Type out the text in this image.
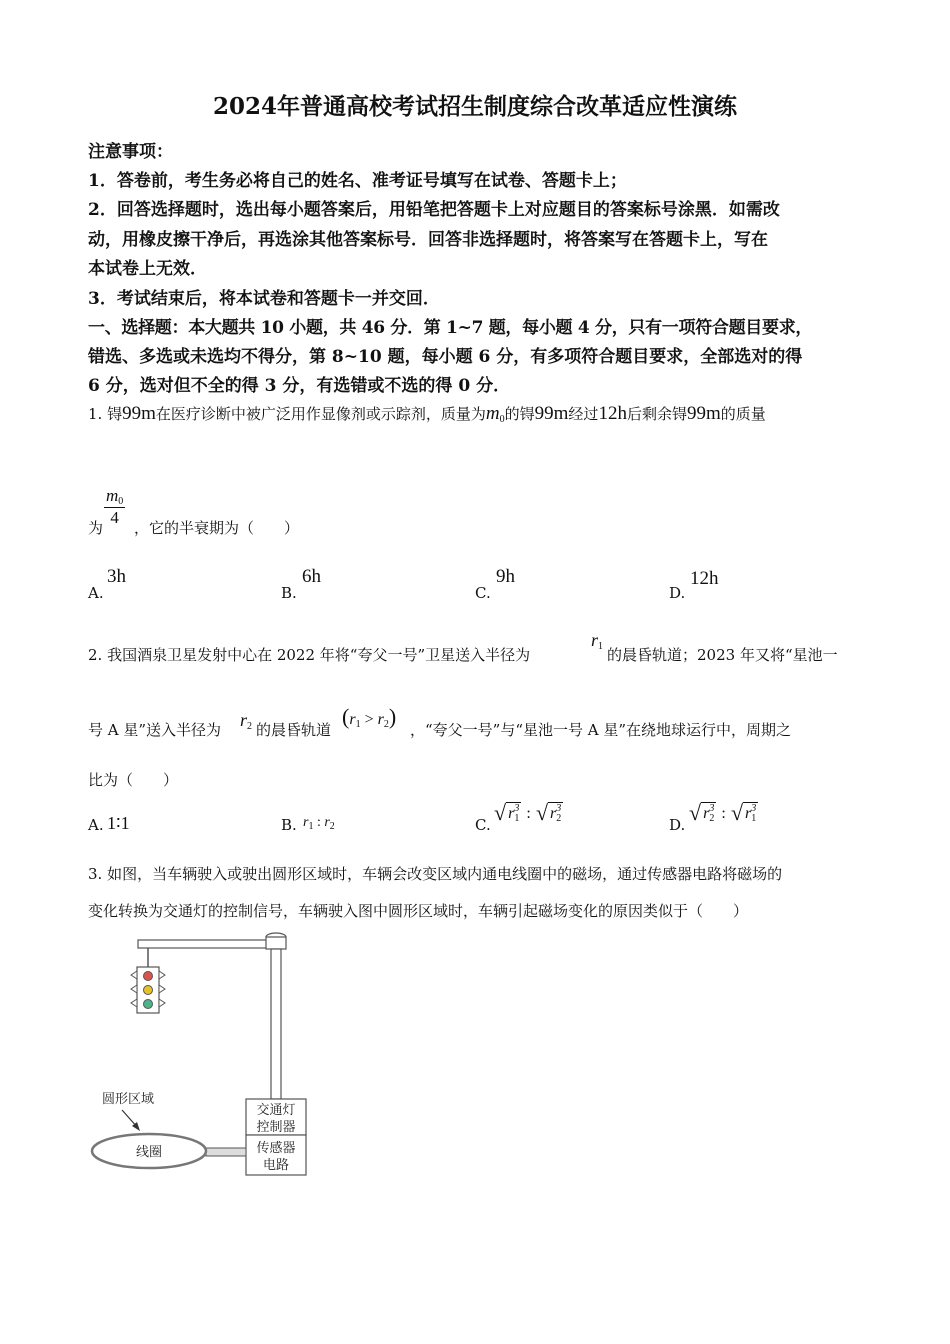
2024年普通高校考试招生制度综合改革适应性演练
注意事项：
1．答卷前，考生务必将自己的姓名、准考证号填写在试卷、答题卡上；
2．回答选择题时，选出每小题答案后，用铅笔把答题卡上对应题目的答案标号涂黑．如需改
动，用橡皮擦干净后，再选涂其他答案标号．回答非选择题时，将答案写在答题卡上，写在
本试卷上无效．
3．考试结束后，将本试卷和答题卡一并交回．
一、选择题：本大题共 10 小题，共 46 分．第 1~7 题，每小题 4 分，只有一项符合题目要求，
错选、多选或未选均不得分，第 8~10 题，每小题 6 分，有多项符合题目要求，全部选对的得
6 分，选对但不全的得 3 分，有选错或不选的得 0 分．
1. 锝99m在医疗诊断中被广泛用作显像剂或示踪剂，质量为$m_0$的锝99m经过12h后剩余锝99m的质量
为 $\frac{m_0}{4}$ ，它的半衰期为（　　）
A.
3h
B.
6h
C.
9h
D.
12h
2. 我国酒泉卫星发射中心在 2022 年将“夸父一号”卫星送入半径为
$r_1$ 的晨昏轨道；2023 年又将“星池一
号 A 星”送入半径为 $r_2$ 的晨昏轨道
$(r_1 > r_2)$
，“夸父一号”与“星池一号 A 星”在绕地球运行中，周期之
比为（　　）
A. 1∶1	B. $r_1$ : $r_2$	C. √ $r_1^3$ : √ $r_2^3$
D. √ $r_2^3$ : √ $r_1^3$
3. 如图，当车辆驶入或驶出圆形区域时，车辆会改变区域内通电线圈中的磁场，通过传感器电路将磁场的
变化转换为交通灯的控制信号，车辆驶入图中圆形区域时，车辆引起磁场变化的原因类似于（　　）
交通灯
控制器
传感器
电路
线圈
圆形区域
